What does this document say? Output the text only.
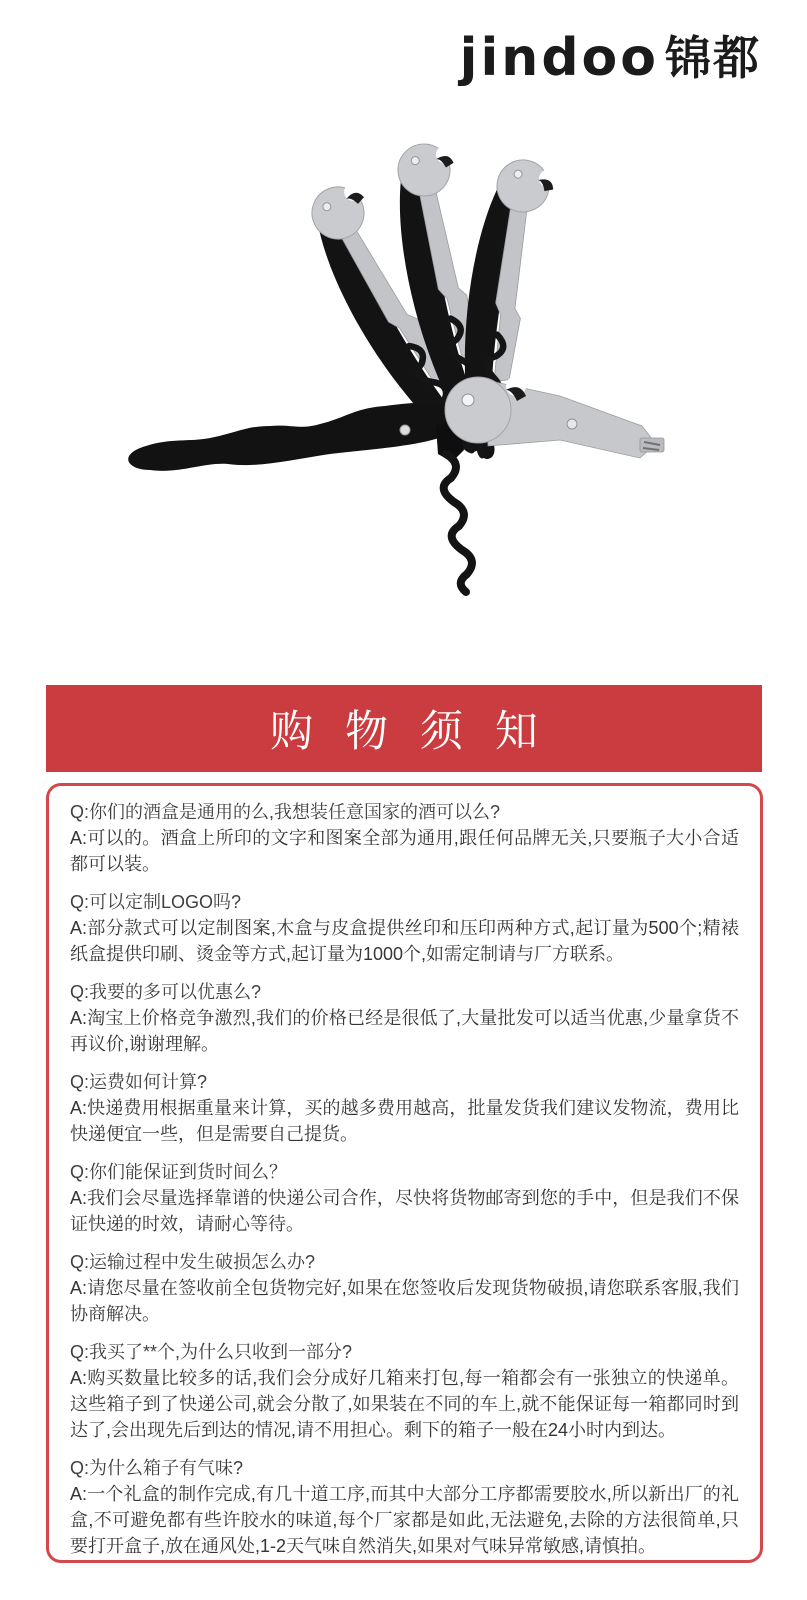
jindoo 锦都
购 物 须 知
Q:你们的酒盒是通用的么,我想装任意国家的酒可以么?
A:可以的。酒盒上所印的文字和图案全部为通用,跟任何品牌无关,只要瓶子大小合适都可以装。
Q:可以定制LOGO吗?
A:部分款式可以定制图案,木盒与皮盒提供丝印和压印两种方式,起订量为500个;精裱纸盒提供印刷、烫金等方式,起订量为1000个,如需定制请与厂方联系。
Q:我要的多可以优惠么?
A:淘宝上价格竞争激烈,我们的价格已经是很低了,大量批发可以适当优惠,少量拿货不再议价,谢谢理解。
Q:运费如何计算?
A:快递费用根据重量来计算，买的越多费用越高，批量发货我们建议发物流，费用比快递便宜一些，但是需要自己提货。
Q:你们能保证到货时间么？
A:我们会尽量选择靠谱的快递公司合作，尽快将货物邮寄到您的手中，但是我们不保证快递的时效，请耐心等待。
Q:运输过程中发生破损怎么办?
A:请您尽量在签收前全包货物完好,如果在您签收后发现货物破损,请您联系客服,我们协商解决。
Q:我买了**个,为什么只收到一部分?
A:购买数量比较多的话,我们会分成好几箱来打包,每一箱都会有一张独立的快递单。这些箱子到了快递公司,就会分散了,如果装在不同的车上,就不能保证每一箱都同时到达了,会出现先后到达的情况,请不用担心。剩下的箱子一般在24小时内到达。
Q:为什么箱子有气味?
A:一个礼盒的制作完成,有几十道工序,而其中大部分工序都需要胶水,所以新出厂的礼盒,不可避免都有些许胶水的味道,每个厂家都是如此,无法避免,去除的方法很简单,只要打开盒子,放在通风处,1-2天气味自然消失,如果对气味异常敏感,请慎拍。
